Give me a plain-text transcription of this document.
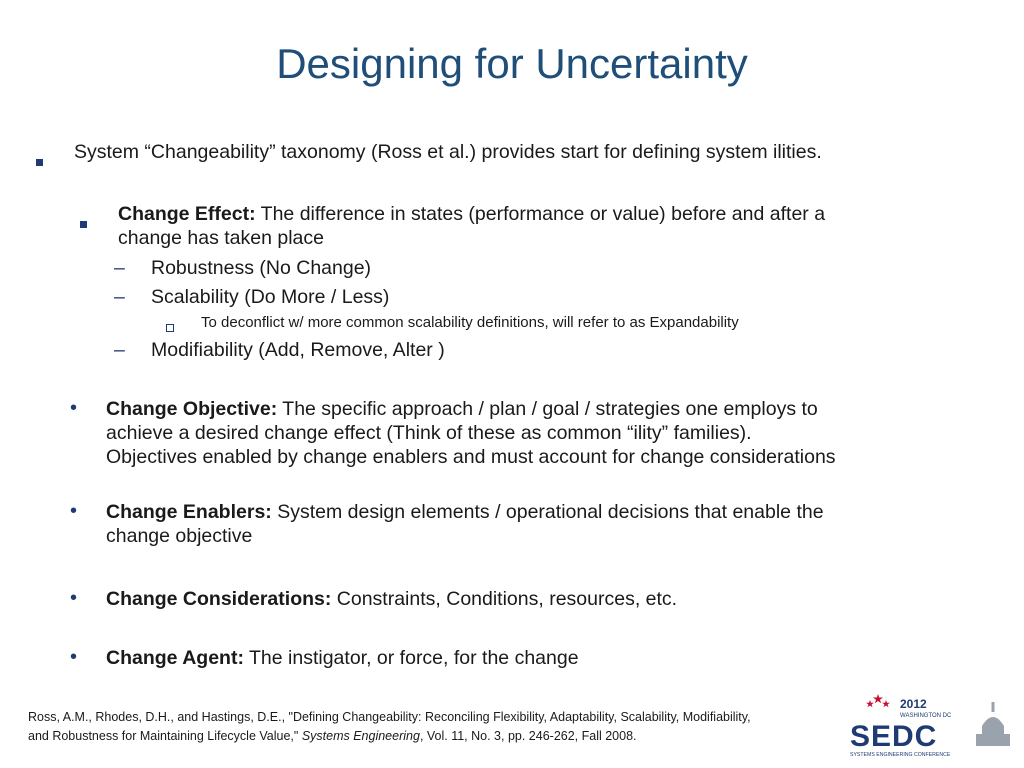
Designing for Uncertainty
System “Changeability” taxonomy (Ross et al.) provides start for defining system ilities.
Change Effect: The difference in states (performance or value) before and after a
change has taken place
– Robustness (No Change)
– Scalability (Do More / Less)
To deconflict w/ more common scalability definitions, will refer to as Expandability
– Modifiability (Add, Remove, Alter )
• Change Objective: The specific approach / plan / goal / strategies one employs to
achieve a desired change effect (Think of these as common “ility” families).
Objectives enabled by change enablers and must account for change considerations
• Change Enablers: System design elements / operational decisions that enable the
change objective
• Change Considerations: Constraints, Conditions, resources, etc.
• Change Agent: The instigator, or force, for the change
Ross, A.M., Rhodes, D.H., and Hastings, D.E., "Defining Changeability: Reconciling Flexibility, Adaptability, Scalability, Modifiability,
and Robustness for Maintaining Lifecycle Value," Systems Engineering, Vol. 11, No. 3, pp. 246-262, Fall 2008.
2012
WASHINGTON DC
SEDC
SYSTEMS ENGINEERING CONFERENCE
